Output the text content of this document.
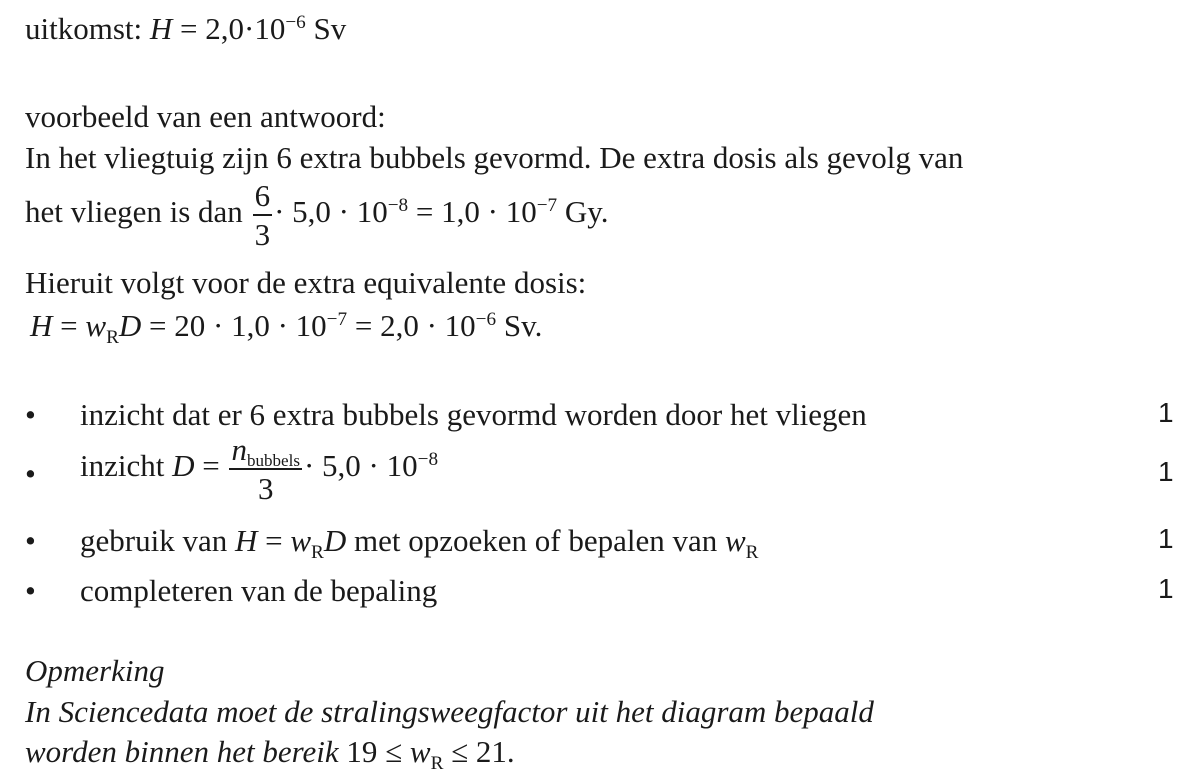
uitkomst: $H = 2,0\cdot 10^{-6}$ Sv
voorbeeld van een antwoord:
In het vliegtuig zijn 6 extra bubbels gevormd. De extra dosis als gevolg van
het vliegen is dan $\frac{6}{3} \cdot 5,0 \cdot 10^{-8} = 1,0 \cdot 10^{-7}$ Gy.
Hieruit volgt voor de extra equivalente dosis:
$H = w_RD = 20 \cdot 1,0 \cdot 10^{-7} = 2,0 \cdot 10^{-6}$ Sv.
• inzicht dat er 6 extra bubbels gevormd worden door het vliegen	1
• inzicht $D = \frac{\text{nbubbels}}{3} \cdot 5,0 \cdot 10^{-8}$	1
• gebruik van $H = w_RD$ met opzoeken of bepalen van $w_R$	1
• completeren van de bepaling	1
Opmerking
In Sciencedata moet de stralingsweegfactor uit het diagram bepaald
worden binnen het bereik $19 \le w_R \le 21$.
